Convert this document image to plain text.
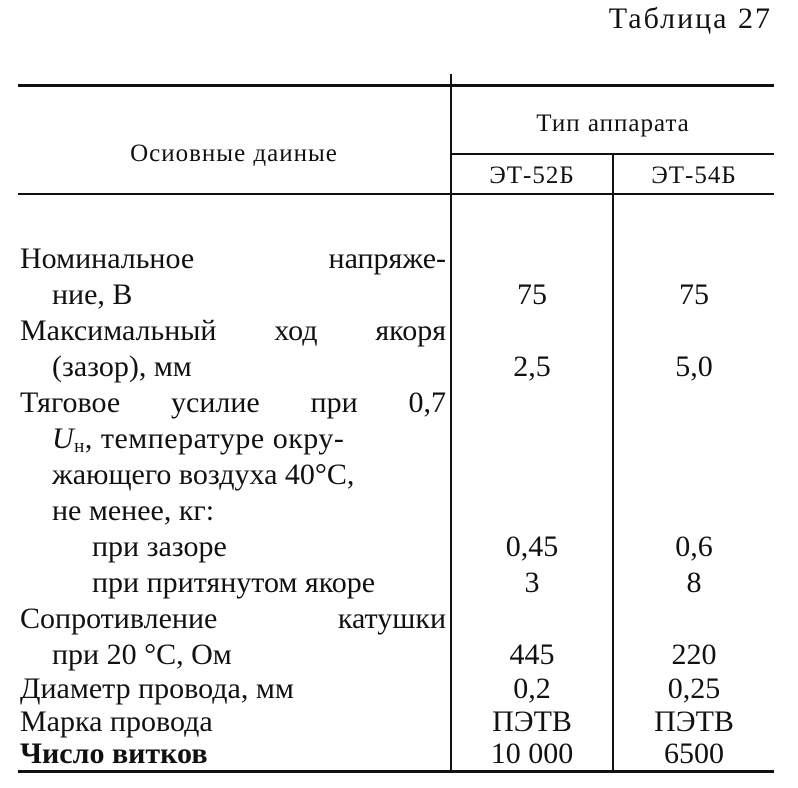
Таблица 27
Осиовные даиные
Тип аппарата
ЭТ-52Б	ЭТ-54Б
Номинальное напряже-
ние, В	75	75
Максимальный ход якоря
(зазор), мм	2,5	5,0
Тяговое усилие при 0,7
Uн, температуре окру-
жающего воздуха 40°С,
не менее, кг:
при зазоре	0,45	0,6
при притянутом якоре	3	8
Сопротивление катушки
при 20 °С, Ом	445	220
Диаметр провода, мм	0,2	0,25
Марка провода	ПЭТВ	ПЭТВ
Число витков	10 000	6500
